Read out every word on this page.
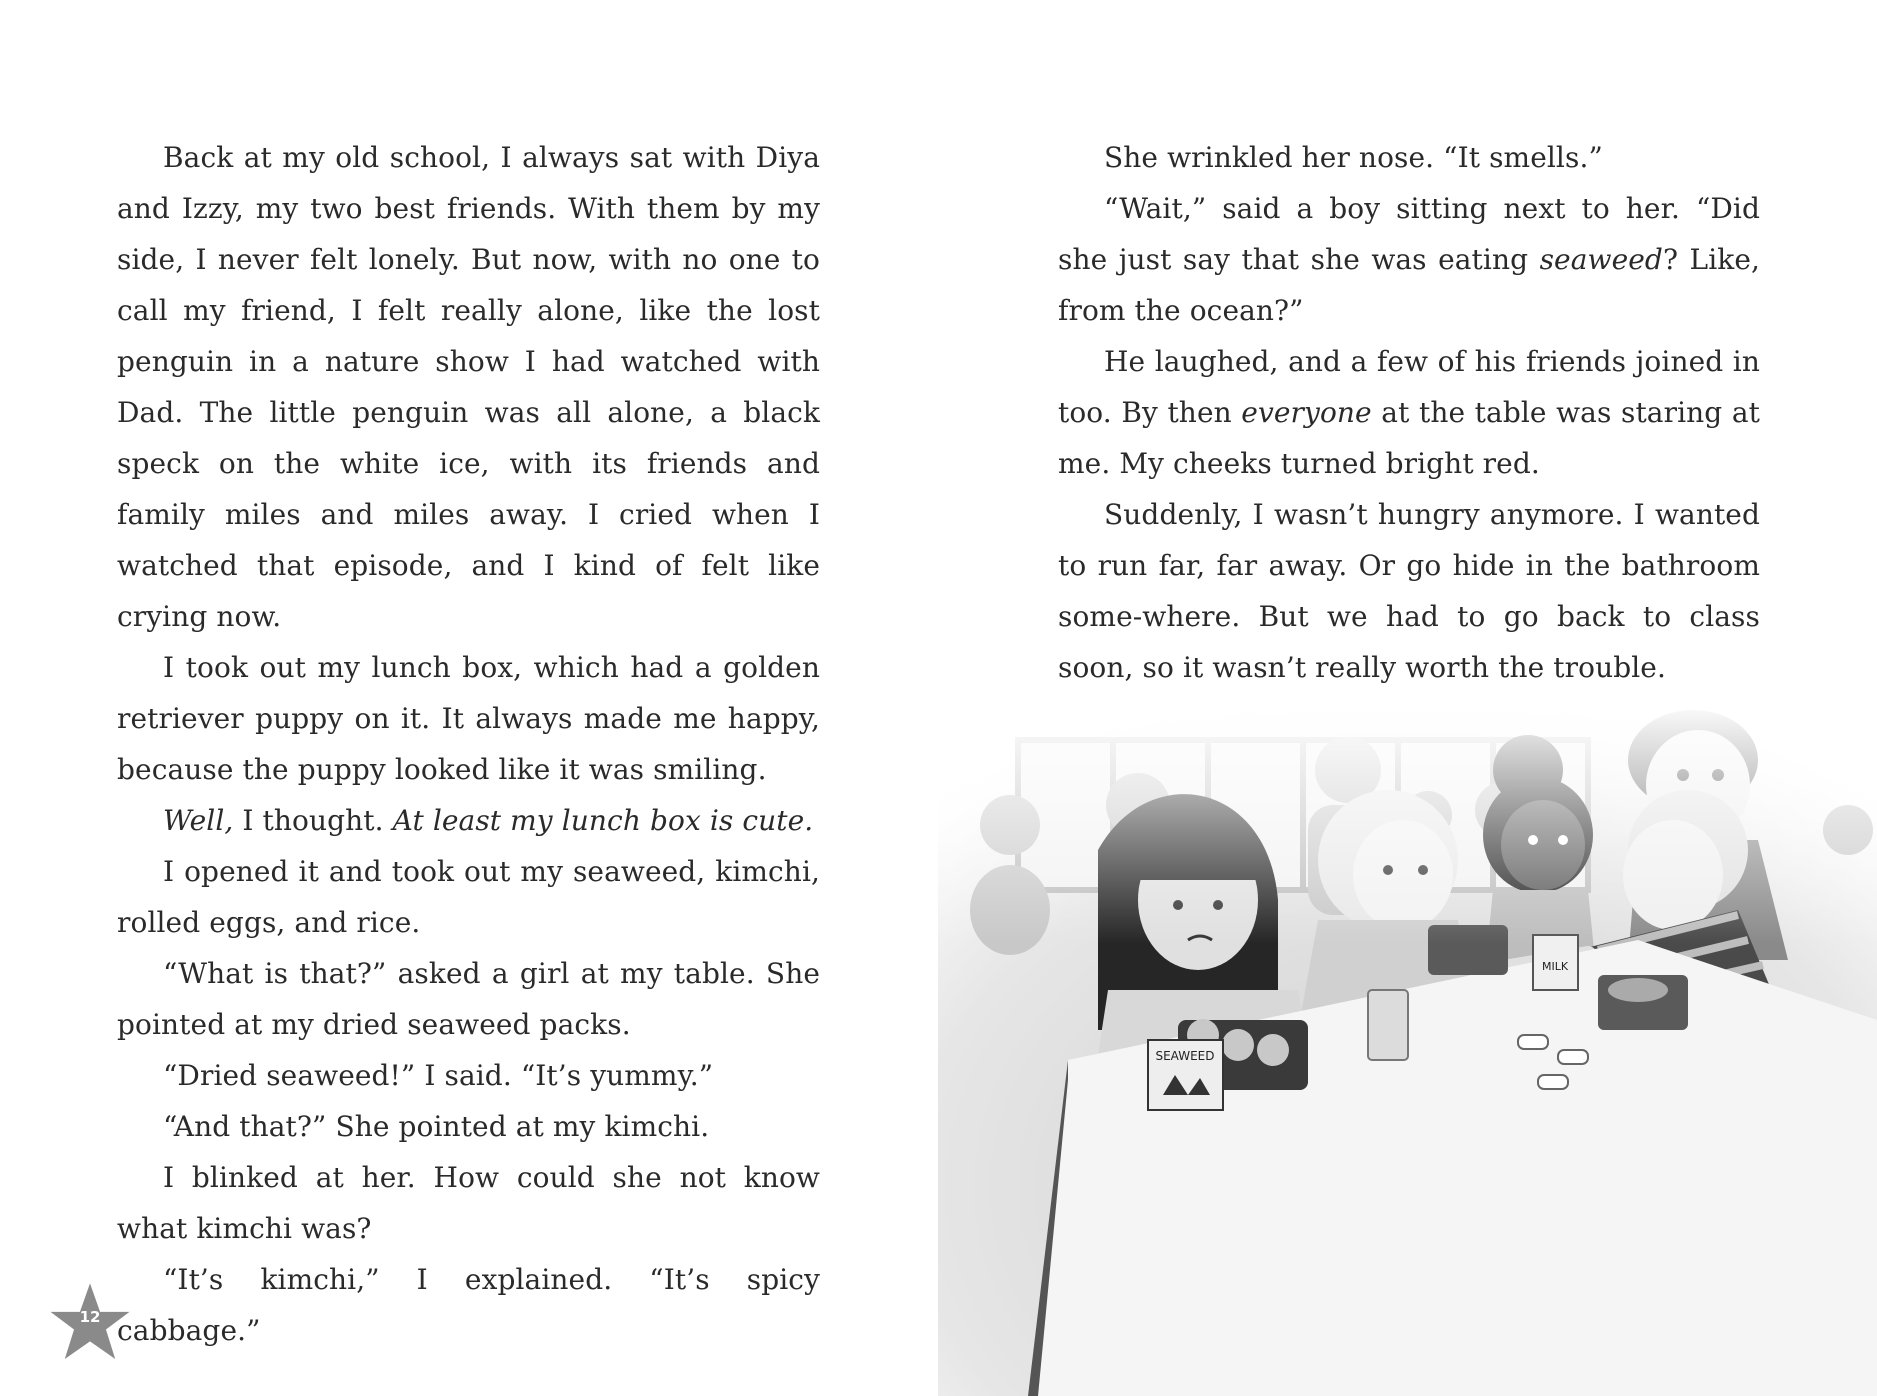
Back at my old school, I always sat with Diya and Izzy, my two best friends. With them by my side, I never felt lonely. But now, with no one to call my friend, I felt really alone, like the lost penguin in a nature show I had watched with Dad. The little penguin was all alone, a black speck on the white ice, with its friends and family miles and miles away. I cried when I watched that episode, and I kind of felt like crying now.

I took out my lunch box, which had a golden retriever puppy on it. It always made me happy, because the puppy looked like it was smiling.

Well, I thought. At least my lunch box is cute.

I opened it and took out my seaweed, kimchi, rolled eggs, and rice.

“What is that?” asked a girl at my table. She pointed at my dried seaweed packs.

“Dried seaweed!” I said. “It’s yummy.”

“And that?” She pointed at my kimchi.

I blinked at her. How could she not know what kimchi was?

“It’s kimchi,” I explained. “It’s spicy cabbage.”

12

She wrinkled her nose. “It smells.”

“Wait,” said a boy sitting next to her. “Did she just say that she was eating seaweed? Like, from the ocean?”

He laughed, and a few of his friends joined in too. By then everyone at the table was staring at me. My cheeks turned bright red.

Suddenly, I wasn’t hungry anymore. I wanted to run far, far away. Or go hide in the bathroom some-where. But we had to go back to class soon, so it wasn’t really worth the trouble.
